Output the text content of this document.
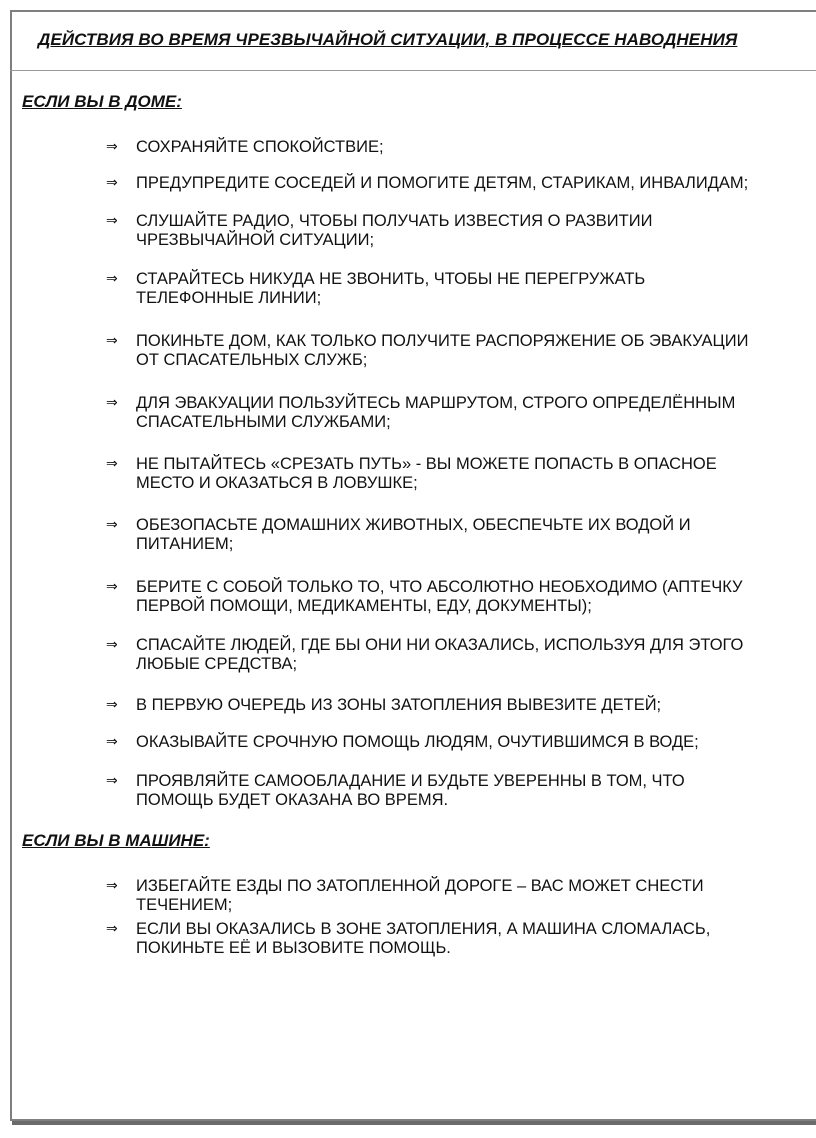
ДЕЙСТВИЯ ВО ВРЕМЯ ЧРЕЗВЫЧАЙНОЙ СИТУАЦИИ, В ПРОЦЕССЕ НАВОДНЕНИЯ
ЕСЛИ ВЫ В ДОМЕ:
⇒ СОХРАНЯЙТЕ СПОКОЙСТВИЕ;
⇒ ПРЕДУПРЕДИТЕ СОСЕДЕЙ И ПОМОГИТЕ ДЕТЯМ, СТАРИКАМ, ИНВАЛИДАМ;
⇒ СЛУШАЙТЕ РАДИО, ЧТОБЫ ПОЛУЧАТЬ ИЗВЕСТИЯ О РАЗВИТИИ
ЧРЕЗВЫЧАЙНОЙ СИТУАЦИИ;
⇒ СТАРАЙТЕСЬ НИКУДА НЕ ЗВОНИТЬ, ЧТОБЫ НЕ ПЕРЕГРУЖАТЬ
ТЕЛЕФОННЫЕ ЛИНИИ;
⇒ ПОКИНЬТЕ ДОМ, КАК ТОЛЬКО ПОЛУЧИТЕ РАСПОРЯЖЕНИЕ ОБ ЭВАКУАЦИИ
ОТ СПАСАТЕЛЬНЫХ СЛУЖБ;
⇒ ДЛЯ ЭВАКУАЦИИ ПОЛЬЗУЙТЕСЬ МАРШРУТОМ, СТРОГО ОПРЕДЕЛЁННЫМ
СПАСАТЕЛЬНЫМИ СЛУЖБАМИ;
⇒ НЕ ПЫТАЙТЕСЬ «СРЕЗАТЬ ПУТЬ» - ВЫ МОЖЕТЕ ПОПАСТЬ В ОПАСНОЕ
МЕСТО И ОКАЗАТЬСЯ В ЛОВУШКЕ;
⇒ ОБЕЗОПАСЬТЕ ДОМАШНИХ ЖИВОТНЫХ, ОБЕСПЕЧЬТЕ ИХ ВОДОЙ И
ПИТАНИЕМ;
⇒ БЕРИТЕ С СОБОЙ ТОЛЬКО ТО, ЧТО АБСОЛЮТНО НЕОБХОДИМО (АПТЕЧКУ
ПЕРВОЙ ПОМОЩИ, МЕДИКАМЕНТЫ, ЕДУ, ДОКУМЕНТЫ);
⇒ СПАСАЙТЕ ЛЮДЕЙ, ГДЕ БЫ ОНИ НИ ОКАЗАЛИСЬ, ИСПОЛЬЗУЯ ДЛЯ ЭТОГО
ЛЮБЫЕ СРЕДСТВА;
⇒ В ПЕРВУЮ ОЧЕРЕДЬ ИЗ ЗОНЫ ЗАТОПЛЕНИЯ ВЫВЕЗИТЕ ДЕТЕЙ;
⇒ ОКАЗЫВАЙТЕ СРОЧНУЮ ПОМОЩЬ ЛЮДЯМ, ОЧУТИВШИМСЯ В ВОДЕ;
⇒ ПРОЯВЛЯЙТЕ САМООБЛАДАНИЕ И БУДЬТЕ УВЕРЕННЫ В ТОМ, ЧТО
ПОМОЩЬ БУДЕТ ОКАЗАНА ВО ВРЕМЯ.
ЕСЛИ ВЫ В МАШИНЕ:
⇒ ИЗБЕГАЙТЕ ЕЗДЫ ПО ЗАТОПЛЕННОЙ ДОРОГЕ – ВАС МОЖЕТ СНЕСТИ
ТЕЧЕНИЕМ;
⇒ ЕСЛИ ВЫ ОКАЗАЛИСЬ В ЗОНЕ ЗАТОПЛЕНИЯ, А МАШИНА СЛОМАЛАСЬ,
ПОКИНЬТЕ ЕЁ И ВЫЗОВИТЕ ПОМОЩЬ.
